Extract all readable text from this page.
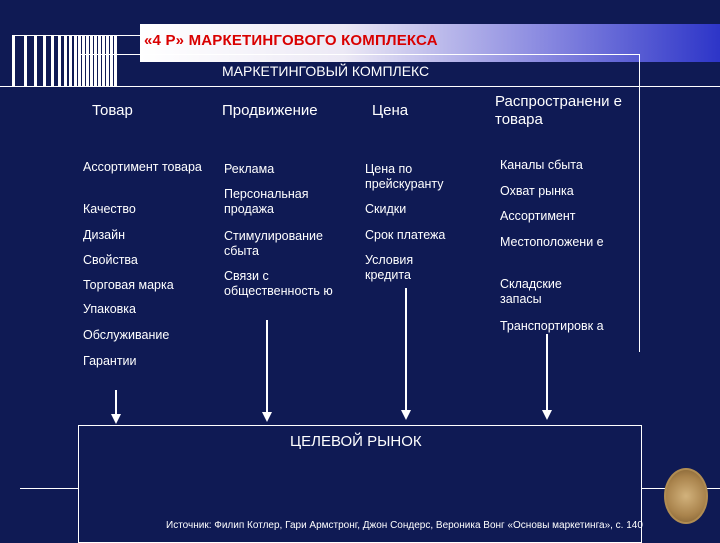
«4 P» МАРКЕТИНГОВОГО КОМПЛЕКСА
МАРКЕТИНГОВЫЙ КОМПЛЕКС
Товар	Продвижение	Цена
Распространени е товара
Ассортимент товара
Качество
Дизайн
Свойства
Торговая марка
Упаковка
Обслуживание
Гарантии
Реклама
Персональная продажа
Стимулирование сбыта
Связи с общественность ю
Цена по прейскуранту
Скидки
Срок платежа
Условия кредита
Каналы сбыта
Охват рынка
Ассортимент
Местоположени е
Складские запасы
Транспортировк а
ЦЕЛЕВОЙ РЫНОК
Источник: Филип Котлер, Гари Армстронг, Джон Сондерс, Вероника Вонг «Основы маркетинга», с. 140
